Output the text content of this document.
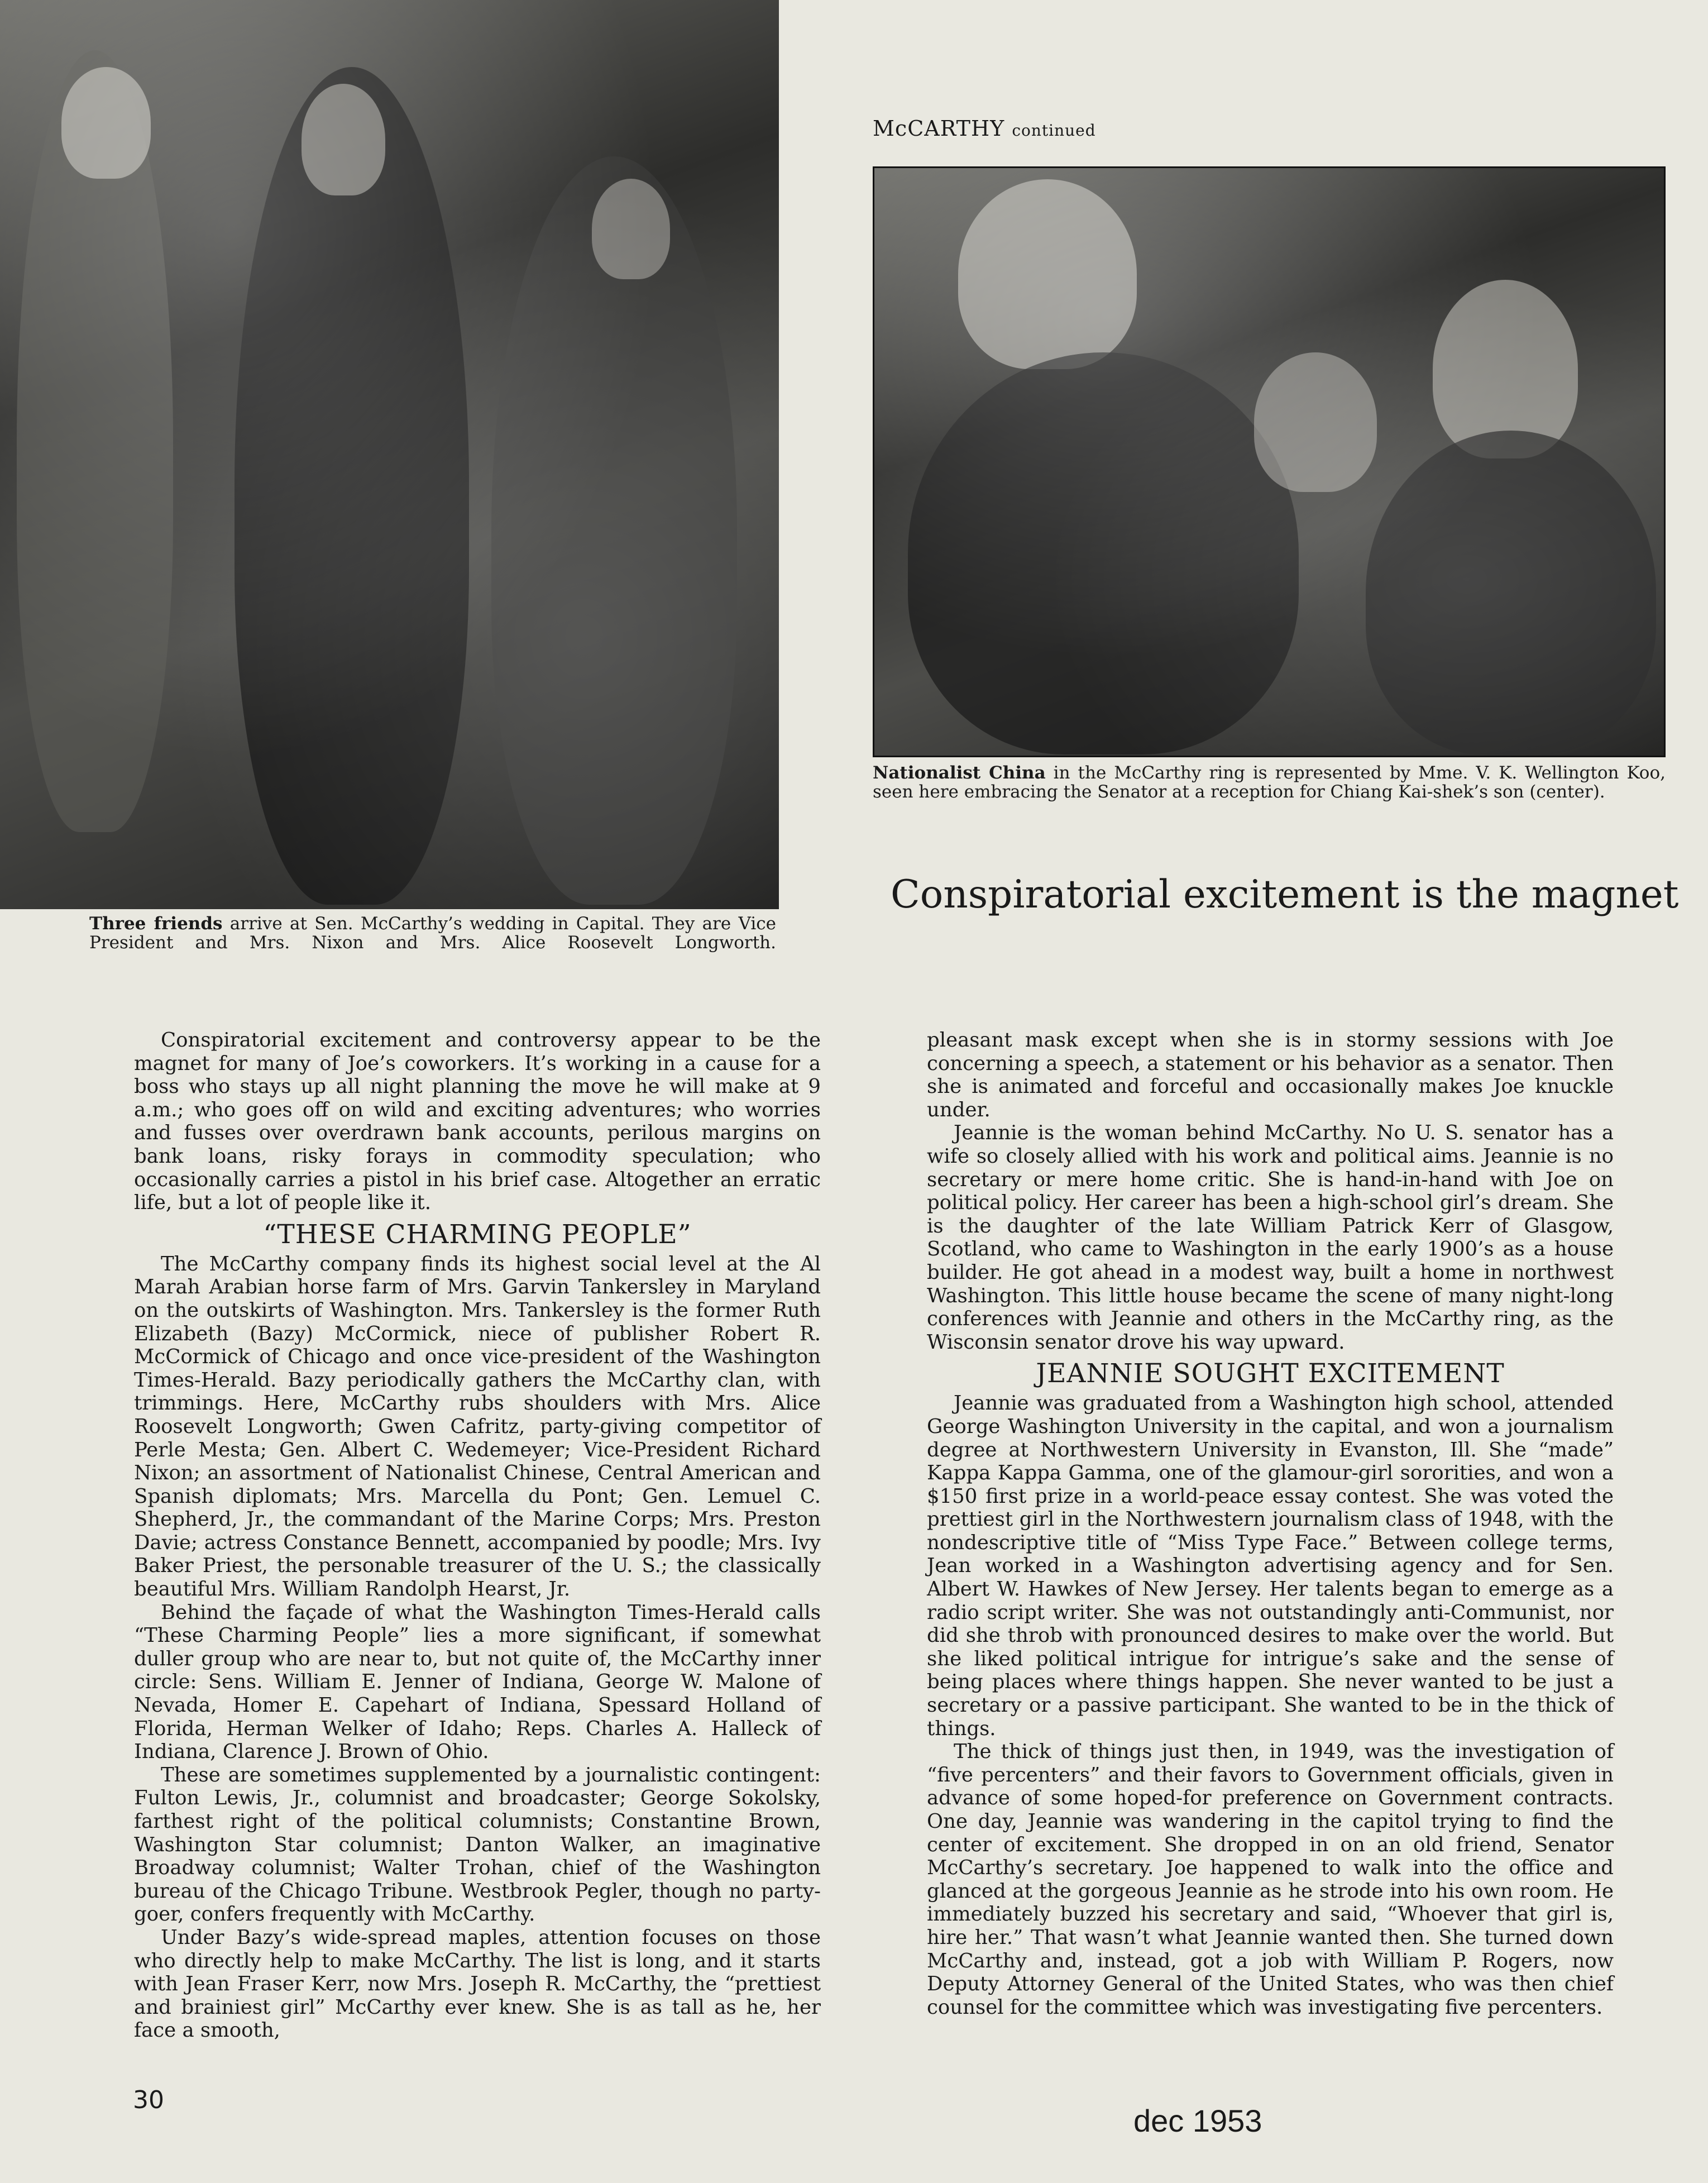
McCARTHY continued
Three friends arrive at Sen. McCarthy’s wedding in Capital. They are Vice President and Mrs. Nixon and Mrs. Alice Roosevelt Longworth.
Nationalist China in the McCarthy ring is represented by Mme. V. K. Wellington Koo, seen here embracing the Senator at a reception for Chiang Kai-shek’s son (center).
Conspiratorial excitement is the magnet

Conspiratorial excitement and controversy appear to be the magnet for many of Joe’s coworkers. It’s working in a cause for a boss who stays up all night planning the move he will make at 9 a.m.; who goes off on wild and exciting adventures; who worries and fusses over overdrawn bank accounts, perilous margins on bank loans, risky forays in commodity speculation; who occasionally carries a pistol in his brief case. Altogether an erratic life, but a lot of people like it.

“THESE CHARMING PEOPLE”

The McCarthy company finds its highest social level at the Al Marah Arabian horse farm of Mrs. Garvin Tankersley in Maryland on the outskirts of Washington. Mrs. Tankersley is the former Ruth Elizabeth (Bazy) McCormick, niece of publisher Robert R. McCormick of Chicago and once vice-president of the Washington Times-Herald. Bazy periodically gathers the McCarthy clan, with trimmings. Here, McCarthy rubs shoulders with Mrs. Alice Roosevelt Longworth; Gwen Cafritz, party-giving competitor of Perle Mesta; Gen. Albert C. Wedemeyer; Vice-President Richard Nixon; an assortment of Nationalist Chinese, Central American and Spanish diplomats; Mrs. Marcella du Pont; Gen. Lemuel C. Shepherd, Jr., the commandant of the Marine Corps; Mrs. Preston Davie; actress Constance Bennett, accompanied by poodle; Mrs. Ivy Baker Priest, the personable treasurer of the U. S.; the classically beautiful Mrs. William Randolph Hearst, Jr.

Behind the façade of what the Washington Times-Herald calls “These Charming People” lies a more significant, if somewhat duller group who are near to, but not quite of, the McCarthy inner circle: Sens. William E. Jenner of Indiana, George W. Malone of Nevada, Homer E. Capehart of Indiana, Spessard Holland of Florida, Herman Welker of Idaho; Reps. Charles A. Halleck of Indiana, Clarence J. Brown of Ohio.

These are sometimes supplemented by a journalistic contingent: Fulton Lewis, Jr., columnist and broadcaster; George Sokolsky, farthest right of the political columnists; Constantine Brown, Washington Star columnist; Danton Walker, an imaginative Broadway columnist; Walter Trohan, chief of the Washington bureau of the Chicago Tribune. Westbrook Pegler, though no party-goer, confers frequently with McCarthy.

Under Bazy’s wide-spread maples, attention focuses on those who directly help to make McCarthy. The list is long, and it starts with Jean Fraser Kerr, now Mrs. Joseph R. McCarthy, the “prettiest and brainiest girl” McCarthy ever knew. She is as tall as he, her face a smooth,

pleasant mask except when she is in stormy sessions with Joe concerning a speech, a statement or his behavior as a senator. Then she is animated and forceful and occasionally makes Joe knuckle under.

Jeannie is the woman behind McCarthy. No U. S. senator has a wife so closely allied with his work and political aims. Jeannie is no secretary or mere home critic. She is hand-in-hand with Joe on political policy. Her career has been a high-school girl’s dream. She is the daughter of the late William Patrick Kerr of Glasgow, Scotland, who came to Washington in the early 1900’s as a house builder. He got ahead in a modest way, built a home in northwest Washington. This little house became the scene of many night-long conferences with Jeannie and others in the McCarthy ring, as the Wisconsin senator drove his way upward.

JEANNIE SOUGHT EXCITEMENT

Jeannie was graduated from a Washington high school, attended George Washington University in the capital, and won a journalism degree at Northwestern University in Evanston, Ill. She “made” Kappa Kappa Gamma, one of the glamour-girl sororities, and won a $150 first prize in a world-peace essay contest. She was voted the prettiest girl in the Northwestern journalism class of 1948, with the nondescriptive title of “Miss Type Face.” Between college terms, Jean worked in a Washington advertising agency and for Sen. Albert W. Hawkes of New Jersey. Her talents began to emerge as a radio script writer. She was not outstandingly anti-Communist, nor did she throb with pronounced desires to make over the world. But she liked political intrigue for intrigue’s sake and the sense of being places where things happen. She never wanted to be just a secretary or a passive participant. She wanted to be in the thick of things.

The thick of things just then, in 1949, was the investigation of “five percenters” and their favors to Government officials, given in advance of some hoped-for preference on Government contracts. One day, Jeannie was wandering in the capitol trying to find the center of excitement. She dropped in on an old friend, Senator McCarthy’s secretary. Joe happened to walk into the office and glanced at the gorgeous Jeannie as he strode into his own room. He immediately buzzed his secretary and said, “Whoever that girl is, hire her.” That wasn’t what Jeannie wanted then. She turned down McCarthy and, instead, got a job with William P. Rogers, now Deputy Attorney General of the United States, who was then chief counsel for the committee which was investigating five percenters.

30
dec 1953
